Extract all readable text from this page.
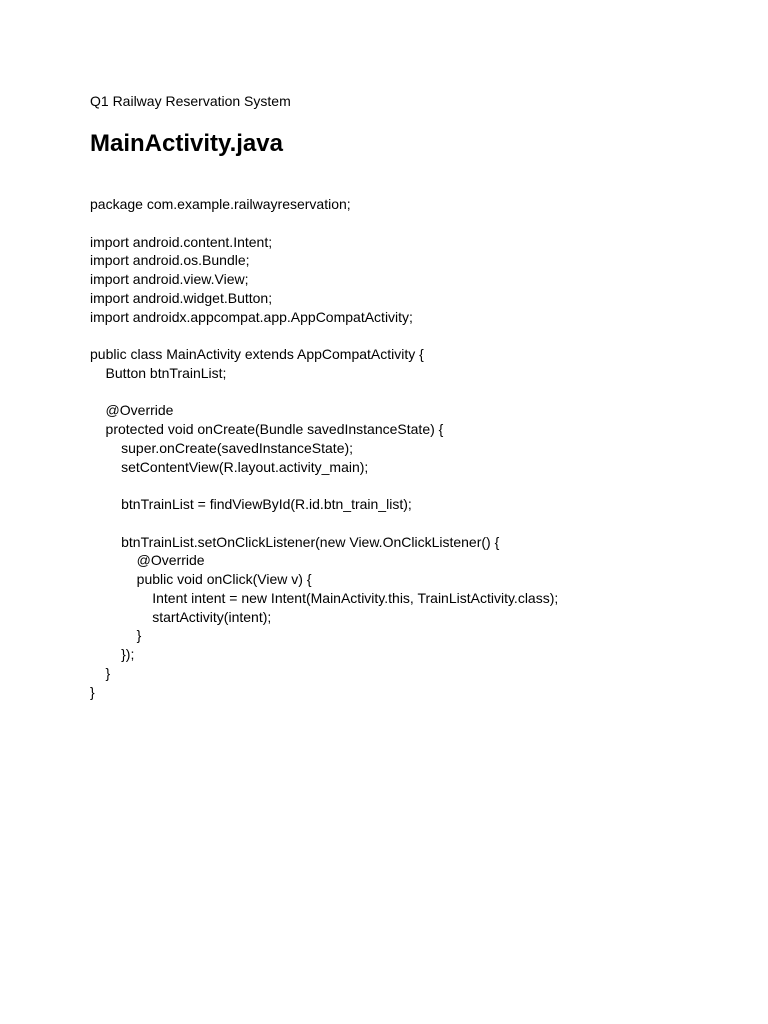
Q1 Railway Reservation System
MainActivity.java
package com.example.railwayreservation;
import android.content.Intent;
import android.os.Bundle;
import android.view.View;
import android.widget.Button;
import androidx.appcompat.app.AppCompatActivity;
public class MainActivity extends AppCompatActivity {
Button btnTrainList;
@Override
protected void onCreate(Bundle savedInstanceState) {
super.onCreate(savedInstanceState);
setContentView(R.layout.activity_main);
btnTrainList = findViewById(R.id.btn_train_list);
btnTrainList.setOnClickListener(new View.OnClickListener() {
@Override
public void onClick(View v) {
Intent intent = new Intent(MainActivity.this, TrainListActivity.class);
startActivity(intent);
}
});
}
}
